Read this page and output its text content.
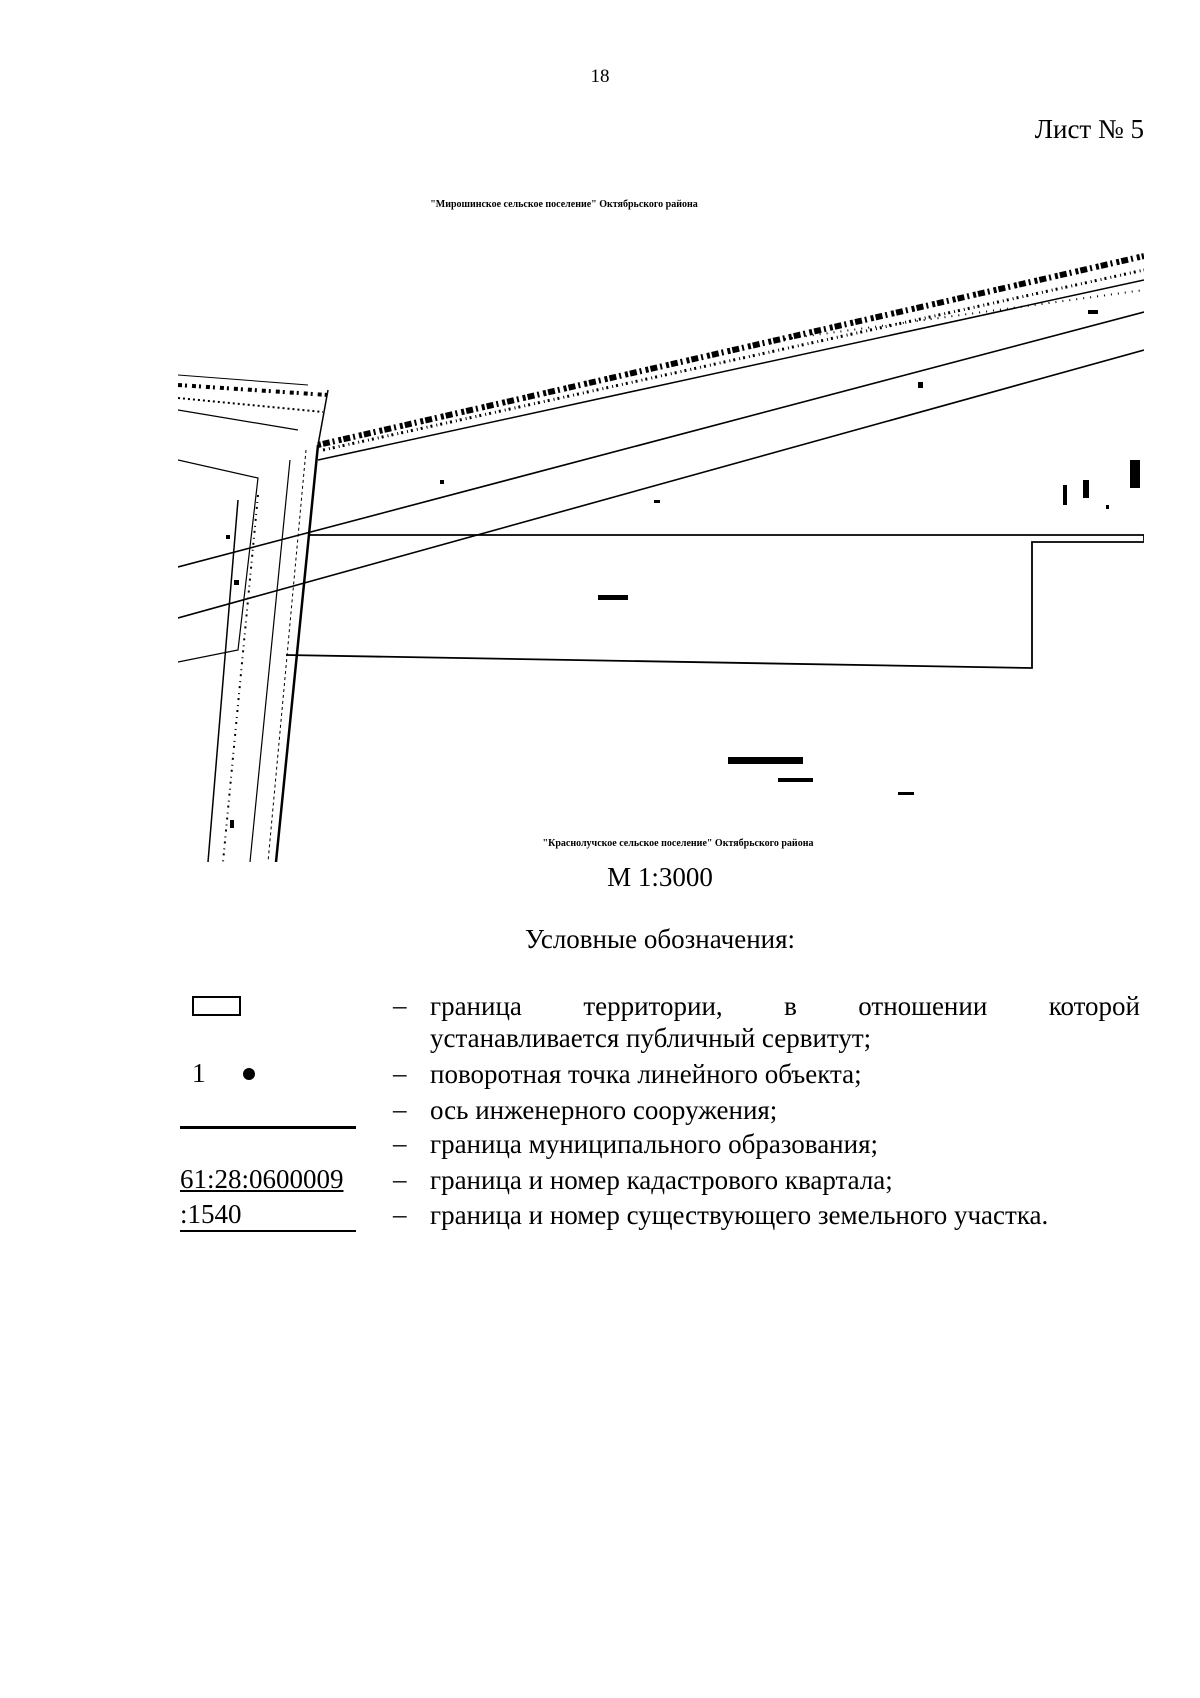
18
Лист № 5
"Мирошинское сельское поселение" Октябрьского района
"Краснолучское сельское поселение" Октябрьского района
М 1:3000
Условные обозначения:
– граница территории, в отношении которой
устанавливается публичный сервитут;
1	– поворотная точка линейного объекта;
– ось инженерного сооружения;
– граница муниципального образования;
61:28:0600009	– граница и номер кадастрового квартала;
:1540	– граница и номер существующего земельного участка.
